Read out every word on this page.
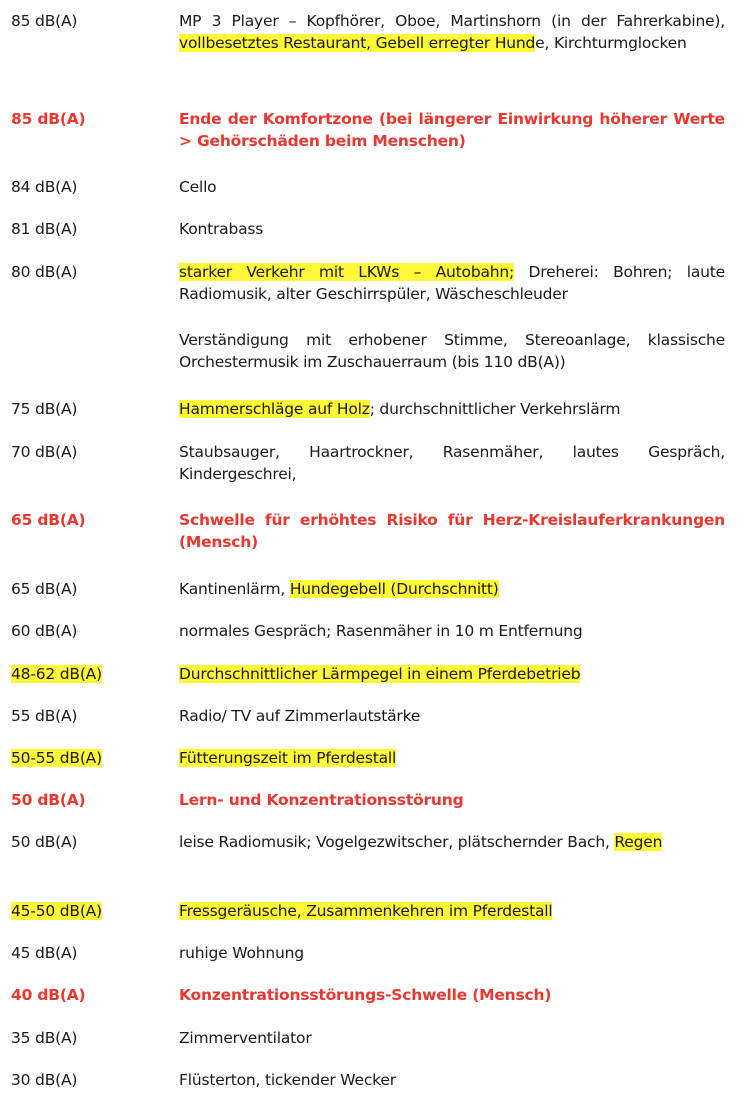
85 dB(A)	MP 3 Player – Kopfhörer, Oboe, Martinshorn (in der Fahrerkabine), vollbesetztes Restaurant, Gebell erregter Hunde, Kirchturmglocken
85 dB(A)	Ende der Komfortzone (bei längerer Einwirkung höherer Werte > Gehörschäden beim Menschen)
84 dB(A)	Cello
81 dB(A)	Kontrabass
80 dB(A)	starker Verkehr mit LKWs – Autobahn; Dreherei: Bohren; laute Radiomusik, alter Geschirrspüler, Wäscheschleuder
Verständigung mit erhobener Stimme, Stereoanlage, klassische Orchestermusik im Zuschauerraum (bis 110 dB(A))
75 dB(A)	Hammerschläge auf Holz; durchschnittlicher Verkehrslärm
70 dB(A)	Staubsauger, Haartrockner, Rasenmäher, lautes Gespräch, Kindergeschrei,
65 dB(A)	Schwelle für erhöhtes Risiko für Herz-Kreislauferkrankungen (Mensch)
65 dB(A)	Kantinenlärm, Hundegebell (Durchschnitt)
60 dB(A)	normales Gespräch; Rasenmäher in 10 m Entfernung
48-62 dB(A)	Durchschnittlicher Lärmpegel in einem Pferdebetrieb
55 dB(A)	Radio/ TV auf Zimmerlautstärke
50-55 dB(A)	Fütterungszeit im Pferdestall
50 dB(A)	Lern- und Konzentrationsstörung
50 dB(A)	leise Radiomusik; Vogelgezwitscher, plätschernder Bach, Regen
45-50 dB(A)	Fressgeräusche, Zusammenkehren im Pferdestall
45 dB(A)	ruhige Wohnung
40 dB(A)	Konzentrationsstörungs-Schwelle (Mensch)
35 dB(A)	Zimmerventilator
30 dB(A)	Flüsterton, tickender Wecker
